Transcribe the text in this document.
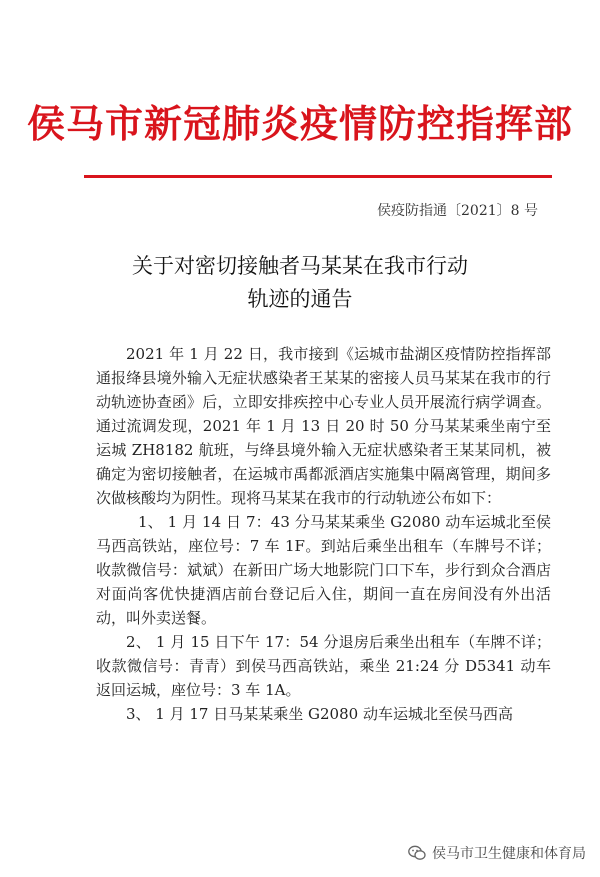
侯马市新冠肺炎疫情防控指挥部
侯疫防指通〔2021〕8 号
关于对密切接触者马某某在我市行动
轨迹的通告

2021 年 1 月 22 日，我市接到《运城市盐湖区疫情防控指挥部通报绛县境外输入无症状感染者王某某的密接人员马某某在我市的行动轨迹协查函》后，立即安排疾控中心专业人员开展流行病学调查。通过流调发现，2021 年 1 月 13 日 20 时 50 分马某某乘坐南宁至运城 ZH8182 航班，与绛县境外输入无症状感染者王某某同机，被确定为密切接触者，在运城市禹都派酒店实施集中隔离管理，期间多次做核酸均为阴性。现将马某某在我市的行动轨迹公布如下：

1、 1 月 14 日 7：43 分马某某乘坐 G2080 动车运城北至侯马西高铁站，座位号：7 车 1F。到站后乘坐出租车（车牌号不详；收款微信号：斌斌）在新田广场大地影院门口下车，步行到众合酒店对面尚客优快捷酒店前台登记后入住，期间一直在房间没有外出活动，叫外卖送餐。

2、 1 月 15 日下午 17：54 分退房后乘坐出租车（车牌不详；收款微信号：青青）到侯马西高铁站，乘坐 21:24 分 D5341 动车返回运城，座位号：3 车 1A。

3、 1 月 17 日马某某乘坐 G2080 动车运城北至侯马西高

侯马市卫生健康和体育局
